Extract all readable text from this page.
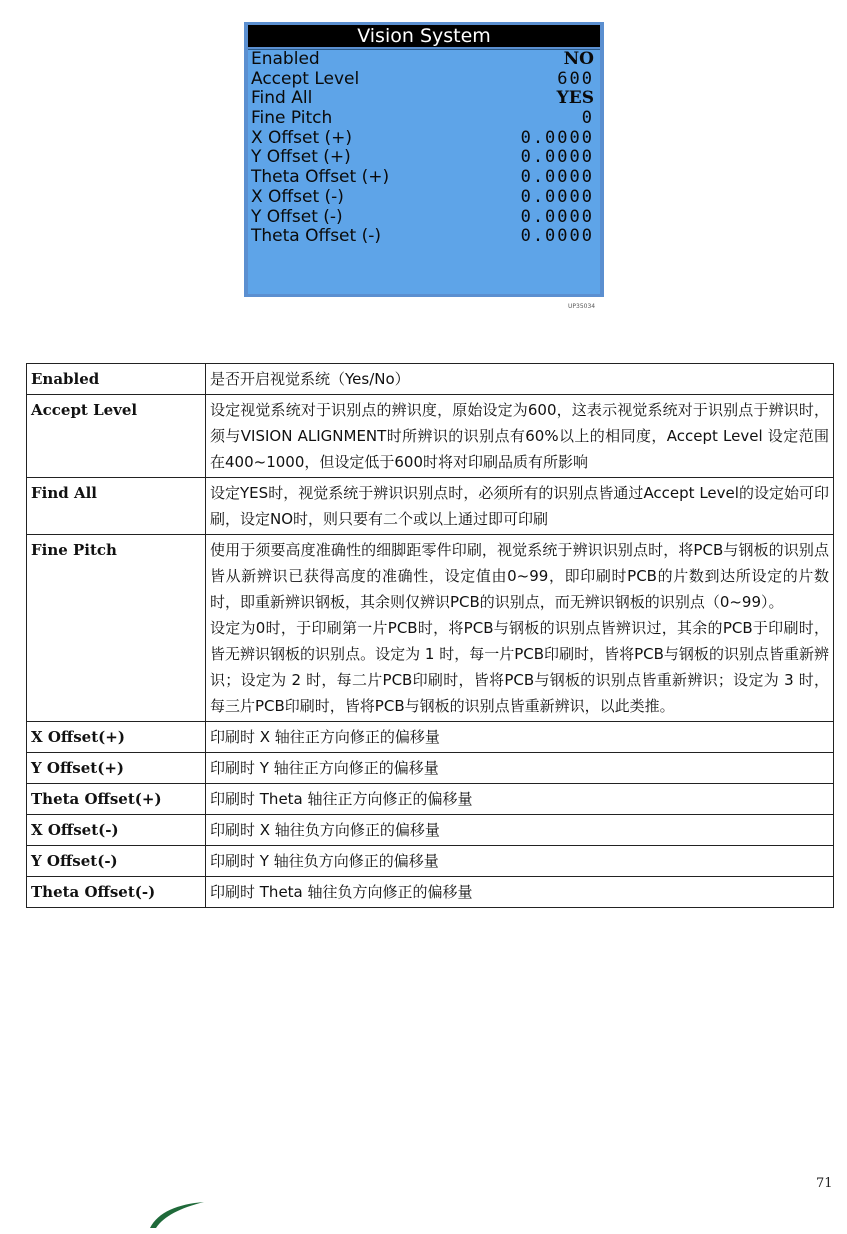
Vision System
Enabled	NO
Accept Level	600
Find All	YES
Fine Pitch	0
X Offset (+)	0.0000
Y Offset (+)	0.0000
Theta Offset (+)	0.0000
X Offset (-)	0.0000
Y Offset (-)	0.0000
Theta Offset (-)	0.0000
UP35034
Enabled	是否开启视觉系统（Yes/No）
Accept Level	设定视觉系统对于识别点的辨识度，原始设定为600，这表示视觉系统对于识别点于辨识时，须与VISION ALIGNMENT时所辨识的识别点有60%以上的相同度，Accept Level 设定范围在400~1000，但设定低于600时将对印刷品质有所影响
Find All	设定YES时，视觉系统于辨识识别点时，必须所有的识别点皆通过Accept Level的设定始可印刷，设定NO时，则只要有二个或以上通过即可印刷
Fine Pitch	使用于须要高度准确性的细脚距零件印刷，视觉系统于辨识识别点时，将PCB与钢板的识别点皆从新辨识已获得高度的准确性，设定值由0~99，即印刷时PCB的片数到达所设定的片数时，即重新辨识钢板，其余则仅辨识PCB的识别点，而无辨识钢板的识别点（0~99）。
设定为0时，于印刷第一片PCB时，将PCB与钢板的识别点皆辨识过，其余的PCB于印刷时，皆无辨识钢板的识别点。设定为 1 时，每一片PCB印刷时，皆将PCB与钢板的识别点皆重新辨识；设定为 2 时，每二片PCB印刷时，皆将PCB与钢板的识别点皆重新辨识；设定为 3 时，每三片PCB印刷时，皆将PCB与钢板的识别点皆重新辨识，以此类推。

X Offset(+)	印刷时 X 轴往正方向修正的偏移量
Y Offset(+)	印刷时 Y 轴往正方向修正的偏移量
Theta Offset(+)	印刷时 Theta 轴往正方向修正的偏移量
X Offset(-)	印刷时 X 轴往负方向修正的偏移量
Y Offset(-)	印刷时 Y 轴往负方向修正的偏移量
Theta Offset(-)	印刷时 Theta 轴往负方向修正的偏移量
71
